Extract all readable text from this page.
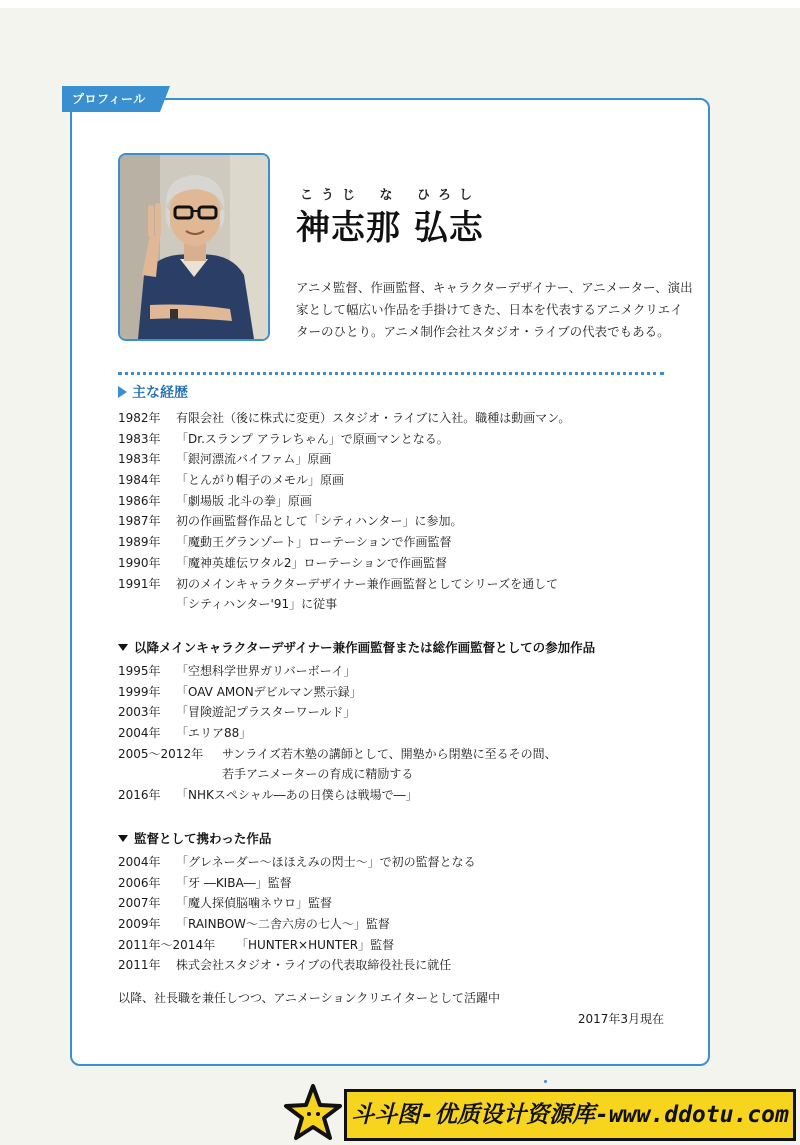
プロフィール
こうじ な ひろし
神志那 弘志
アニメ監督、作画監督、キャラクターデザイナー、アニメーター、演出
家として幅広い作品を手掛けてきた、日本を代表するアニメクリエイ
ターのひとり。アニメ制作会社スタジオ・ライブの代表でもある。
主な経歴
1982年 有限会社（後に株式に変更）スタジオ・ライブに入社。職種は動画マン。
1983年 「Dr.スランプ アラレちゃん」で原画マンとなる。
1983年 「銀河漂流バイファム」原画
1984年 「とんがり帽子のメモル」原画
1986年 「劇場版 北斗の拳」原画
1987年 初の作画監督作品として「シティハンター」に参加。
1989年 「魔動王グランゾート」ローテーションで作画監督
1990年 「魔神英雄伝ワタル2」ローテーションで作画監督
1991年 初のメインキャラクターデザイナー兼作画監督としてシリーズを通して
「シティハンター'91」に従事
以降メインキャラクターデザイナー兼作画監督または総作画監督としての参加作品
1995年 「空想科学世界ガリバーボーイ」
1999年 「OAV AMONデビルマン黙示録」
2003年 「冒険遊記プラスターワールド」
2004年 「エリア88」
2005〜2012年 サンライズ若木塾の講師として、開塾から閉塾に至るその間、
若手アニメーターの育成に精励する
2016年 「NHKスペシャル―あの日僕らは戦場で―」
監督として携わった作品
2004年 「グレネーダー〜ほほえみの閃士〜」で初の監督となる
2006年 「牙 ―KIBA―」監督
2007年 「魔人探偵脳噛ネウロ」監督
2009年 「RAINBOW〜二舎六房の七人〜」監督
2011年〜2014年 「HUNTER×HUNTER」監督
2011年 株式会社スタジオ・ライブの代表取締役社長に就任
以降、社長職を兼任しつつ、アニメーションクリエイターとして活躍中
2017年3月現在
斗斗图-优质设计资源库-www.ddotu.com
